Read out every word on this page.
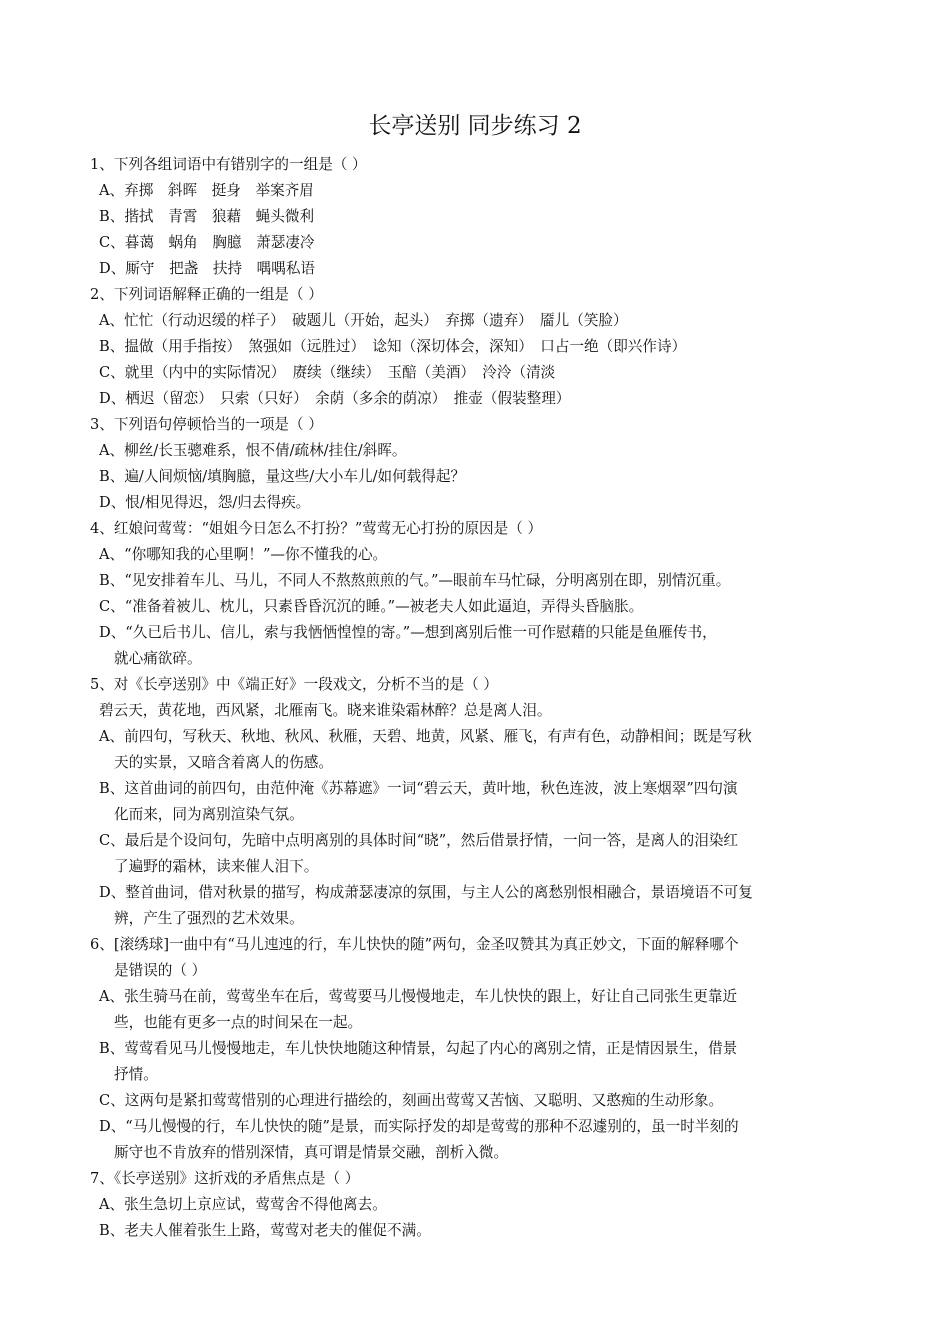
长亭送别 同步练习 2
1、下列各组词语中有错别字的一组是（ ）
A、弃掷　斜晖　挺身　举案齐眉
B、揩拭　青霄　狼藉　蝇头微利
C、暮蔼　蜗角　胸臆　萧瑟凄冷
D、厮守　把盏　扶持　喁喁私语
2、下列词语解释正确的一组是（ ）
A、忙忙（行动迟缓的样子）　破题儿（开始，起头）　弃掷（遗弃）　靥儿（笑脸）
B、揾做（用手指按）　煞强如（远胜过）　谂知（深切体会，深知）　口占一绝（即兴作诗）
C、就里（内中的实际情况）　赓续（继续）　玉醅（美酒）　泠泠（清淡
D、栖迟（留恋）　只索（只好）　余荫（多余的荫凉）　推壶（假装整理）
3、下列语句停顿恰当的一项是（ ）
A、柳丝/长玉骢难系，恨不倩/疏林/挂住/斜晖。
B、遍/人间烦恼/填胸臆，量这些/大小车儿/如何载得起？
D、恨/相见得迟，怨/归去得疾。
4、红娘问莺莺：“姐姐今日怎么不打扮？”莺莺无心打扮的原因是（ ）
A、“你哪知我的心里啊！”—你不懂我的心。
B、“见安排着车儿、马儿，不同人不熬熬煎煎的气。”—眼前车马忙碌，分明离别在即，别情沉重。
C、“准备着被儿、枕儿，只素昏昏沉沉的睡。”—被老夫人如此逼迫，弄得头昏脑胀。
D、“久已后书儿、信儿，索与我恓恓惶惶的寄。”—想到离别后惟一可作慰藉的只能是鱼雁传书，
就心痛欲碎。
5、对《长亭送别》中《端正好》一段戏文，分析不当的是（ ）
碧云天，黄花地，西风紧，北雁南飞。晓来谁染霜林醉？总是离人泪。
A、前四句，写秋天、秋地、秋风、秋雁，天碧、地黄，风紧、雁飞，有声有色，动静相间；既是写秋
天的实景，又暗含着离人的伤感。
B、这首曲词的前四句，由范仲淹《苏幕遮》一词“碧云天，黄叶地，秋色连波，波上寒烟翠”四句演
化而来，同为离别渲染气氛。
C、最后是个设问句，先暗中点明离别的具体时间“晓”，然后借景抒情，一问一答，是离人的泪染红
了遍野的霜林，读来催人泪下。
D、整首曲词，借对秋景的描写，构成萧瑟凄凉的氛围，与主人公的离愁别恨相融合，景语境语不可复
辨，产生了强烈的艺术效果。
6、[滚绣球]一曲中有“马儿迍迍的行，车儿快快的随”两句，金圣叹赞其为真正妙文，下面的解释哪个
是错误的（ ）
A、张生骑马在前，莺莺坐车在后，莺莺要马儿慢慢地走，车儿快快的跟上，好让自己同张生更靠近
些，也能有更多一点的时间呆在一起。
B、莺莺看见马儿慢慢地走，车儿快快地随这种情景，勾起了内心的离别之情，正是情因景生，借景
抒情。
C、这两句是紧扣莺莺惜别的心理进行描绘的，刻画出莺莺又苦恼、又聪明、又憨痴的生动形象。
D、“马儿慢慢的行，车儿快快的随”是景，而实际抒发的却是莺莺的那种不忍遽别的，虽一时半刻的
厮守也不肯放弃的惜别深情，真可谓是情景交融，剖析入微。
7、《长亭送别》这折戏的矛盾焦点是（ ）
A、张生急切上京应试，莺莺舍不得他离去。
B、老夫人催着张生上路，莺莺对老夫的催促不满。
